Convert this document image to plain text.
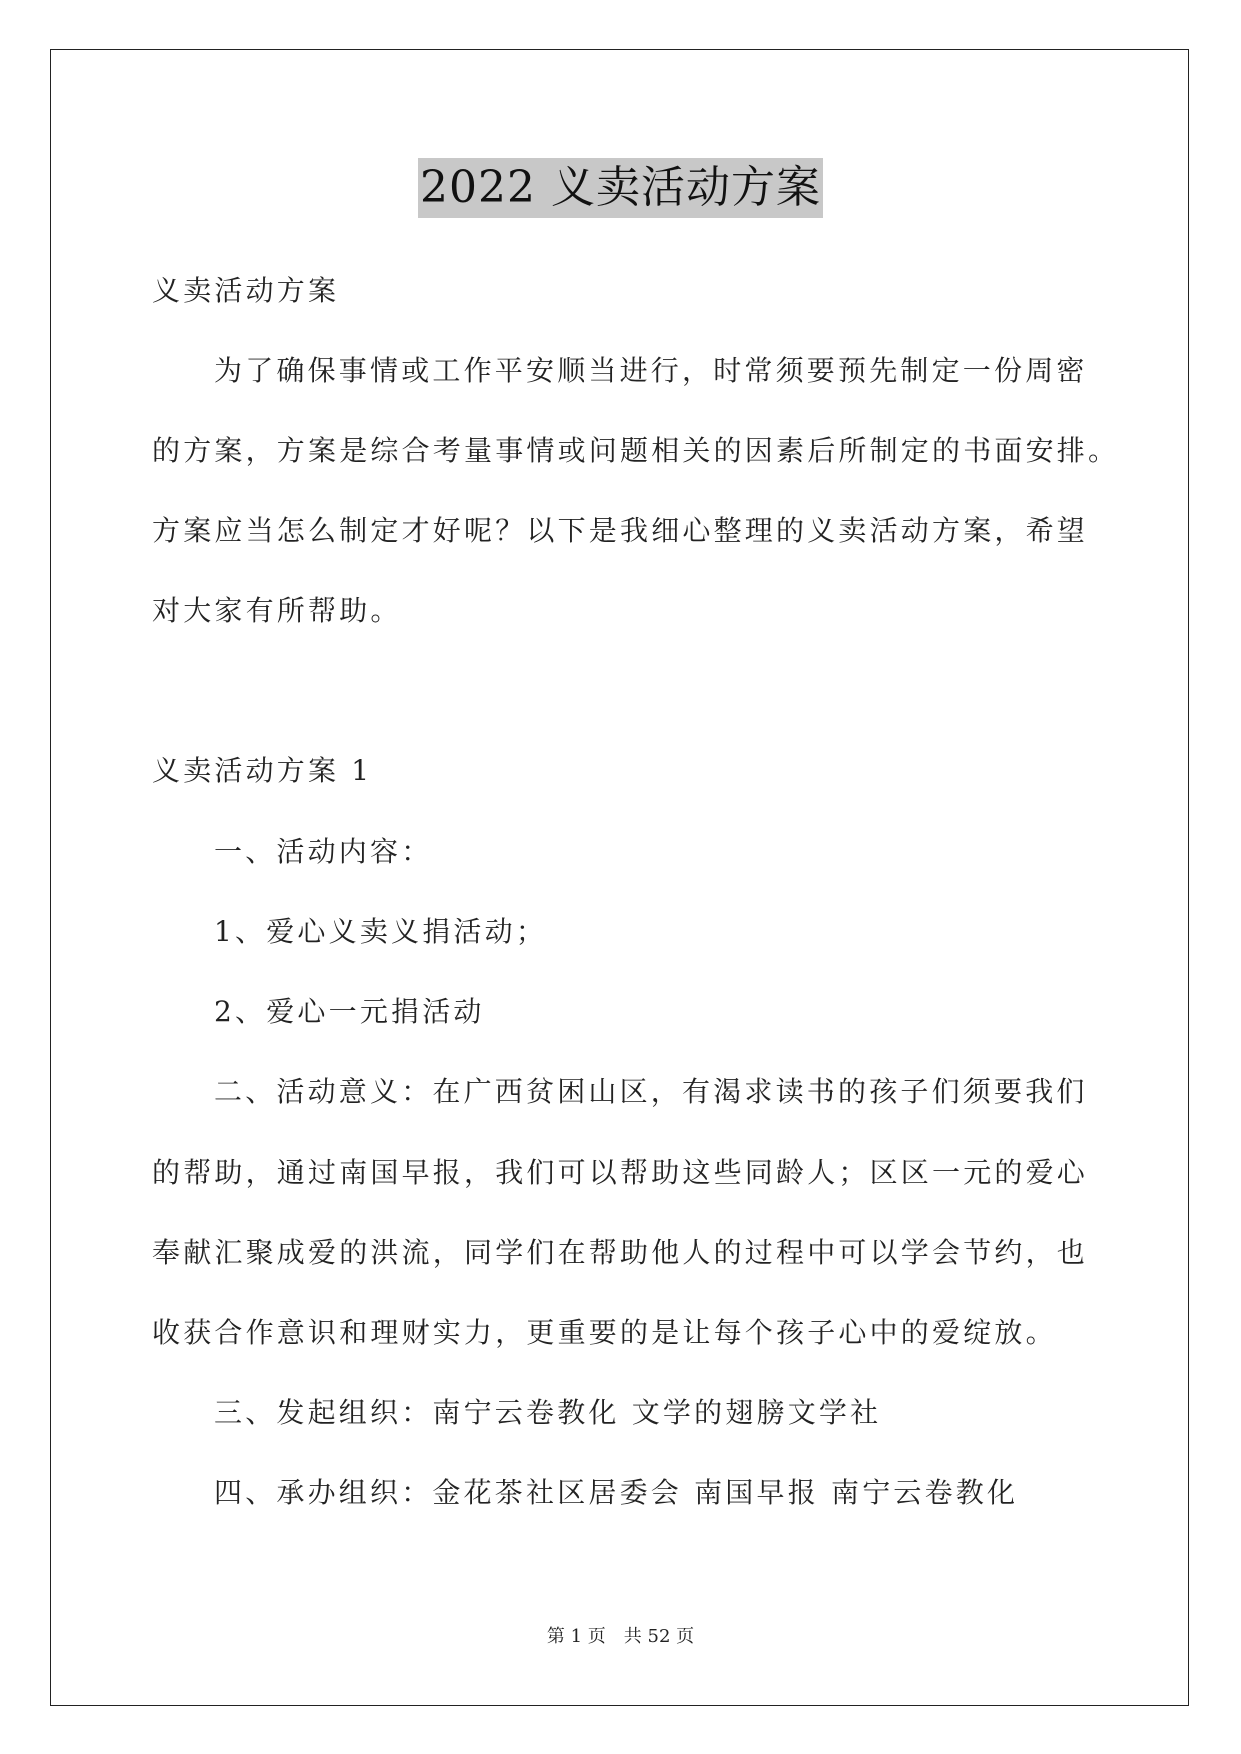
2022 义卖活动方案
义卖活动方案
为了确保事情或工作平安顺当进行，时常须要预先制定一份周密
的方案，方案是综合考量事情或问题相关的因素后所制定的书面安排。
方案应当怎么制定才好呢？以下是我细心整理的义卖活动方案，希望
对大家有所帮助。
义卖活动方案 1
一、活动内容：
1、爱心义卖义捐活动；
2、爱心一元捐活动
二、活动意义：在广西贫困山区，有渴求读书的孩子们须要我们
的帮助，通过南国早报，我们可以帮助这些同龄人；区区一元的爱心
奉献汇聚成爱的洪流，同学们在帮助他人的过程中可以学会节约，也
收获合作意识和理财实力，更重要的是让每个孩子心中的爱绽放。
三、发起组织：南宁云卷教化 文学的翅膀文学社
四、承办组织：金花茶社区居委会 南国早报 南宁云卷教化
第 1 页　共 52 页
